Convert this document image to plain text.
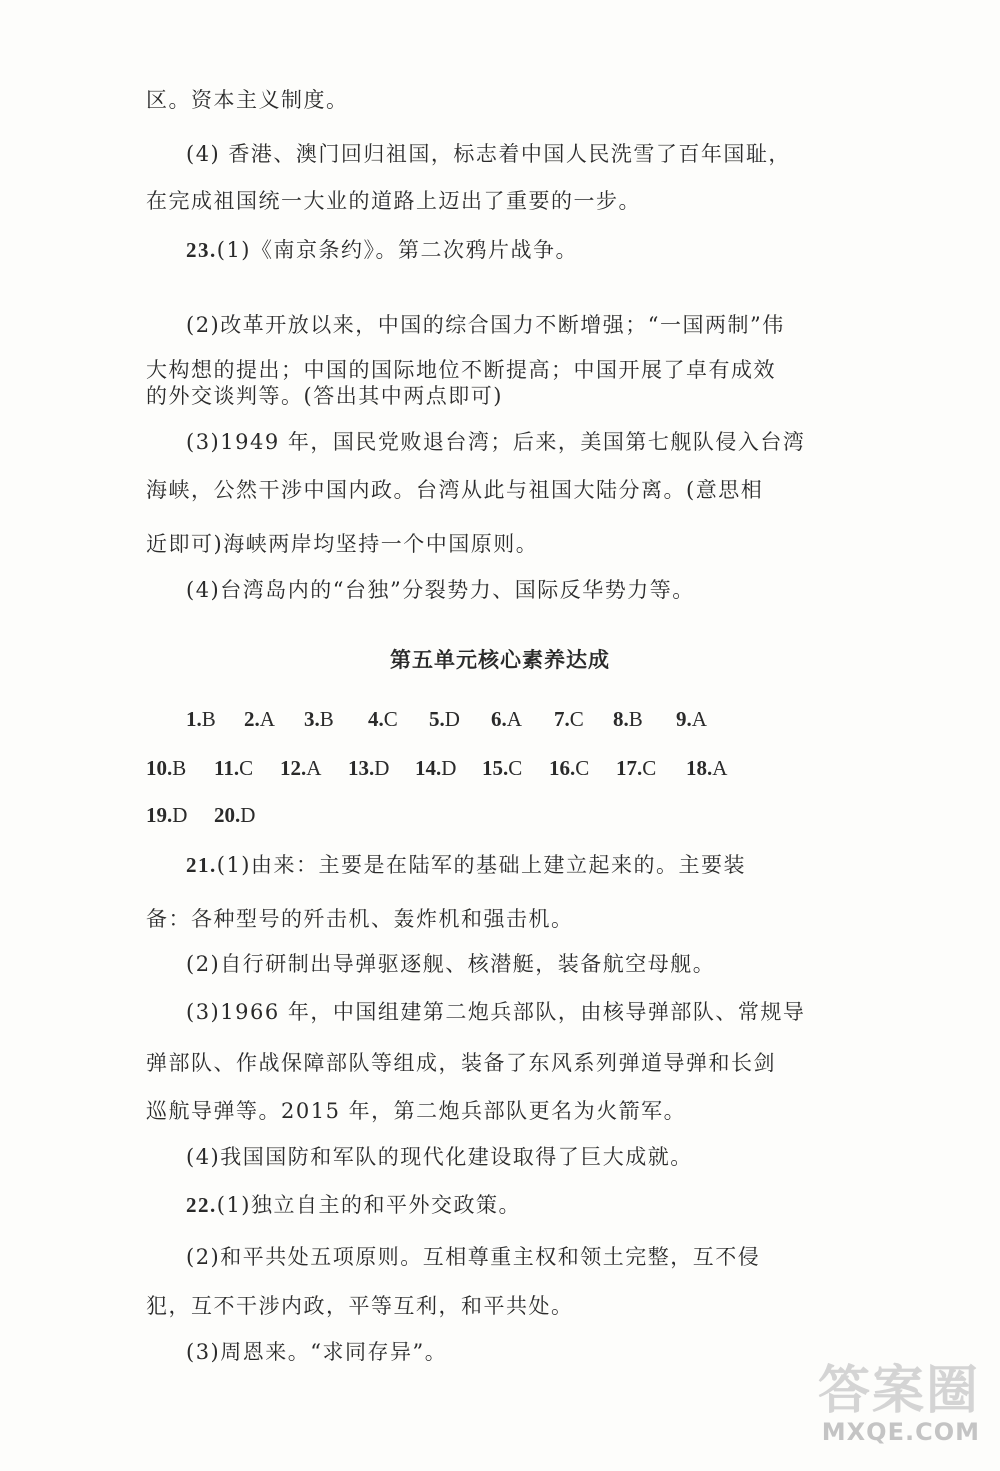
区。资本主义制度。
(4) 香港、澳门回归祖国，标志着中国人民洗雪了百年国耻，
在完成祖国统一大业的道路上迈出了重要的一步。
23.(1)《南京条约》。第二次鸦片战争。
(2)改革开放以来，中国的综合国力不断增强；“一国两制”伟
大构想的提出；中国的国际地位不断提高；中国开展了卓有成效
的外交谈判等。(答出其中两点即可)
(3)1949 年，国民党败退台湾；后来，美国第七舰队侵入台湾
海峡，公然干涉中国内政。台湾从此与祖国大陆分离。(意思相
近即可)海峡两岸均坚持一个中国原则。
(4)台湾岛内的“台独”分裂势力、国际反华势力等。
第五单元核心素养达成
1.B 2.A 3.B 4.C 5.D 6.A 7.C 8.B 9.A
10.B 11.C 12.A 13.D 14.D 15.C 16.C 17.C 18.A
19.D 20.D
21.(1)由来：主要是在陆军的基础上建立起来的。主要装
备：各种型号的歼击机、轰炸机和强击机。
(2)自行研制出导弹驱逐舰、核潜艇，装备航空母舰。
(3)1966 年，中国组建第二炮兵部队，由核导弹部队、常规导
弹部队、作战保障部队等组成，装备了东风系列弹道导弹和长剑
巡航导弹等。2015 年，第二炮兵部队更名为火箭军。
(4)我国国防和军队的现代化建设取得了巨大成就。
22.(1)独立自主的和平外交政策。
(2)和平共处五项原则。互相尊重主权和领土完整，互不侵
犯，互不干涉内政，平等互利，和平共处。
(3)周恩来。“求同存异”。
答案圈
MXQE.COM
